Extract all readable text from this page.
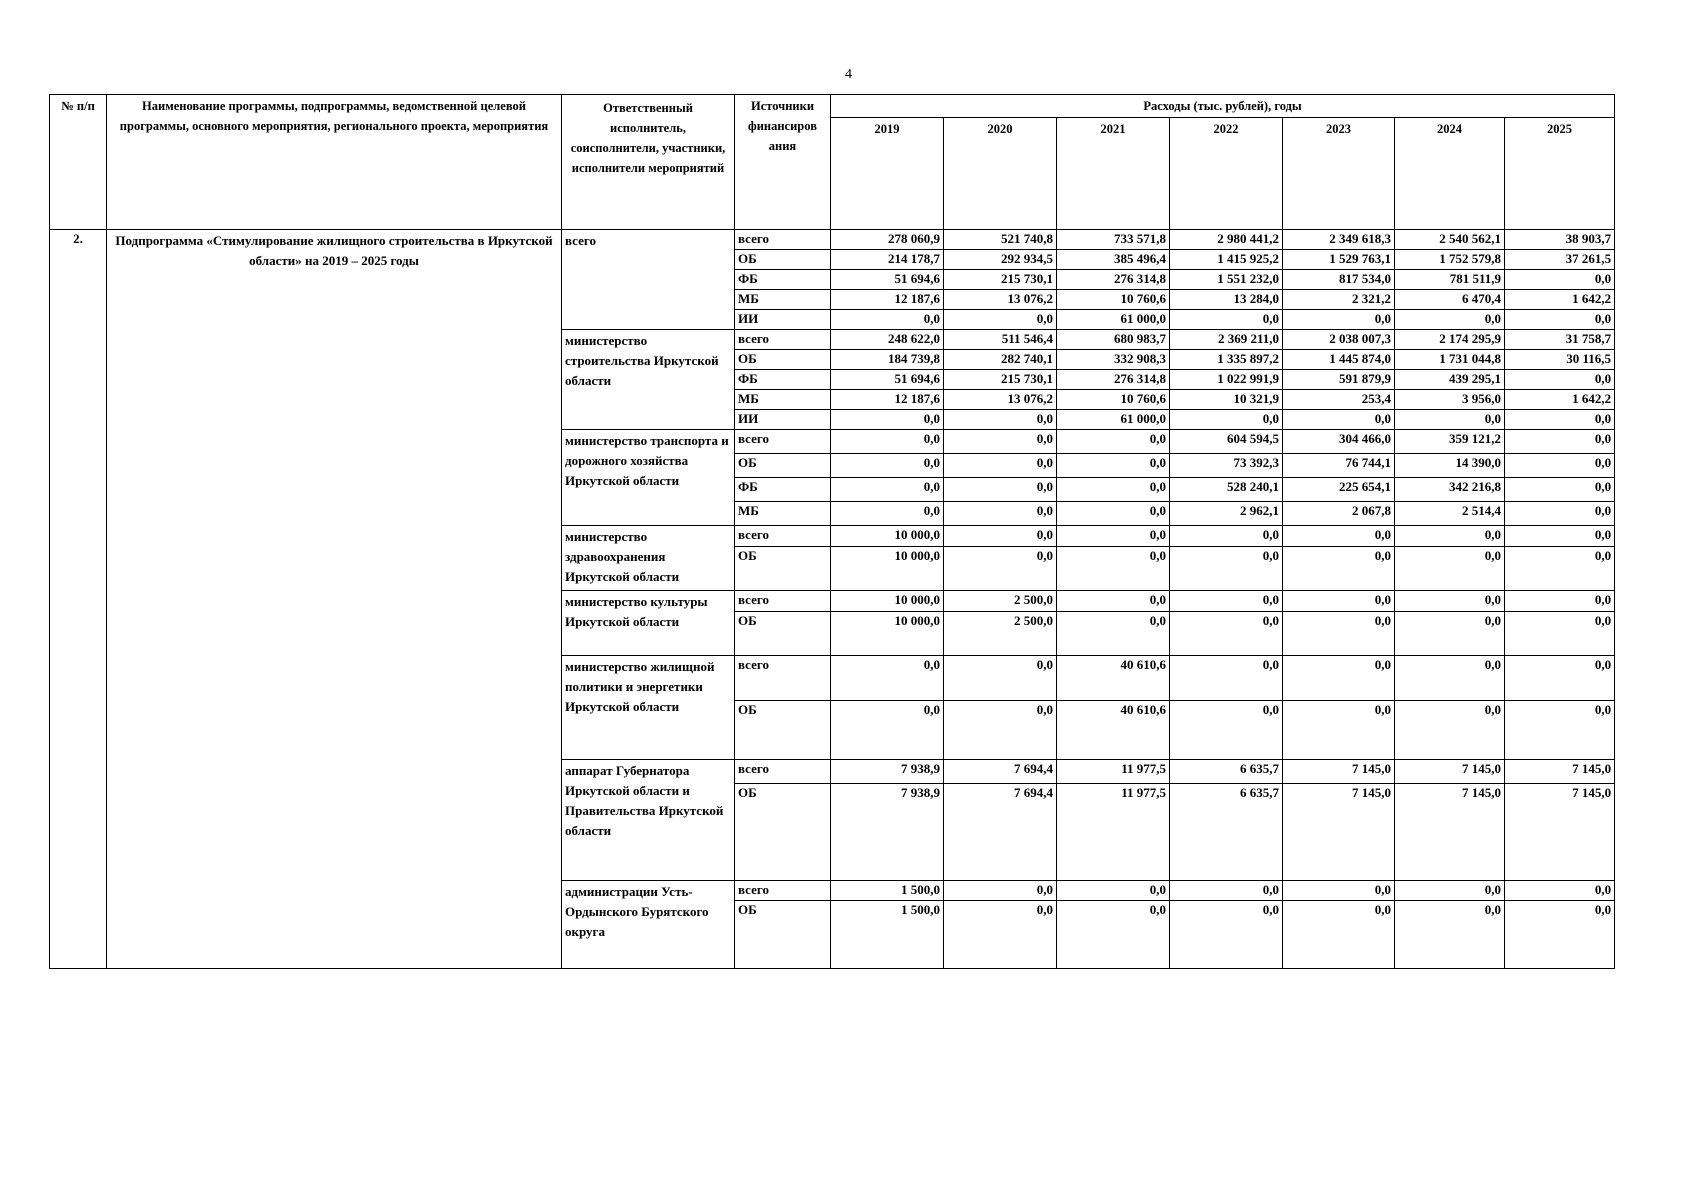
4
№ п/п	Наименование программы, подпрограммы, ведомственной целевой программы, основного мероприятия, регионального проекта, мероприятия	Ответственный исполнитель, соисполнители, участники, исполнители мероприятий	Источники финансиров ания	Расходы (тыс. рублей), годы						
				2019	2020	2021	2022	2023	2024	2025
2.	Подпрограмма «Стимулирование жилищного строительства в Иркутской области» на 2019 – 2025 годы	всего	всего	278 060,9	521 740,8	733 571,8	2 980 441,2	2 349 618,3	2 540 562,1	38 903,7
			ОБ	214 178,7	292 934,5	385 496,4	1 415 925,2	1 529 763,1	1 752 579,8	37 261,5
			ФБ	51 694,6	215 730,1	276 314,8	1 551 232,0	817 534,0	781 511,9	0,0
			МБ	12 187,6	13 076,2	10 760,6	13 284,0	2 321,2	6 470,4	1 642,2
			ИИ	0,0	0,0	61 000,0	0,0	0,0	0,0	0,0
		министерство строительства Иркутской области	всего	248 622,0	511 546,4	680 983,7	2 369 211,0	2 038 007,3	2 174 295,9	31 758,7
			ОБ	184 739,8	282 740,1	332 908,3	1 335 897,2	1 445 874,0	1 731 044,8	30 116,5
			ФБ	51 694,6	215 730,1	276 314,8	1 022 991,9	591 879,9	439 295,1	0,0
			МБ	12 187,6	13 076,2	10 760,6	10 321,9	253,4	3 956,0	1 642,2
			ИИ	0,0	0,0	61 000,0	0,0	0,0	0,0	0,0
		министерство транспорта и дорожного хозяйства Иркутской области	всего	0,0	0,0	0,0	604 594,5	304 466,0	359 121,2	0,0
			ОБ	0,0	0,0	0,0	73 392,3	76 744,1	14 390,0	0,0
			ФБ	0,0	0,0	0,0	528 240,1	225 654,1	342 216,8	0,0
			МБ	0,0	0,0	0,0	2 962,1	2 067,8	2 514,4	0,0
		министерство здравоохранения Иркутской области	всего	10 000,0	0,0	0,0	0,0	0,0	0,0	0,0
			ОБ	10 000,0	0,0	0,0	0,0	0,0	0,0	0,0
		министерство культуры Иркутской области	всего	10 000,0	2 500,0	0,0	0,0	0,0	0,0	0,0
			ОБ	10 000,0	2 500,0	0,0	0,0	0,0	0,0	0,0
		министерство жилищной политики и энергетики Иркутской области	всего	0,0	0,0	40 610,6	0,0	0,0	0,0	0,0
			ОБ	0,0	0,0	40 610,6	0,0	0,0	0,0	0,0
		аппарат Губернатора Иркутской области и Правительства Иркутской области	всего	7 938,9	7 694,4	11 977,5	6 635,7	7 145,0	7 145,0	7 145,0
			ОБ	7 938,9	7 694,4	11 977,5	6 635,7	7 145,0	7 145,0	7 145,0
		администрации Усть-Ордынского Бурятского округа	всего	1 500,0	0,0	0,0	0,0	0,0	0,0	0,0
			ОБ	1 500,0	0,0	0,0	0,0	0,0	0,0	0,0
